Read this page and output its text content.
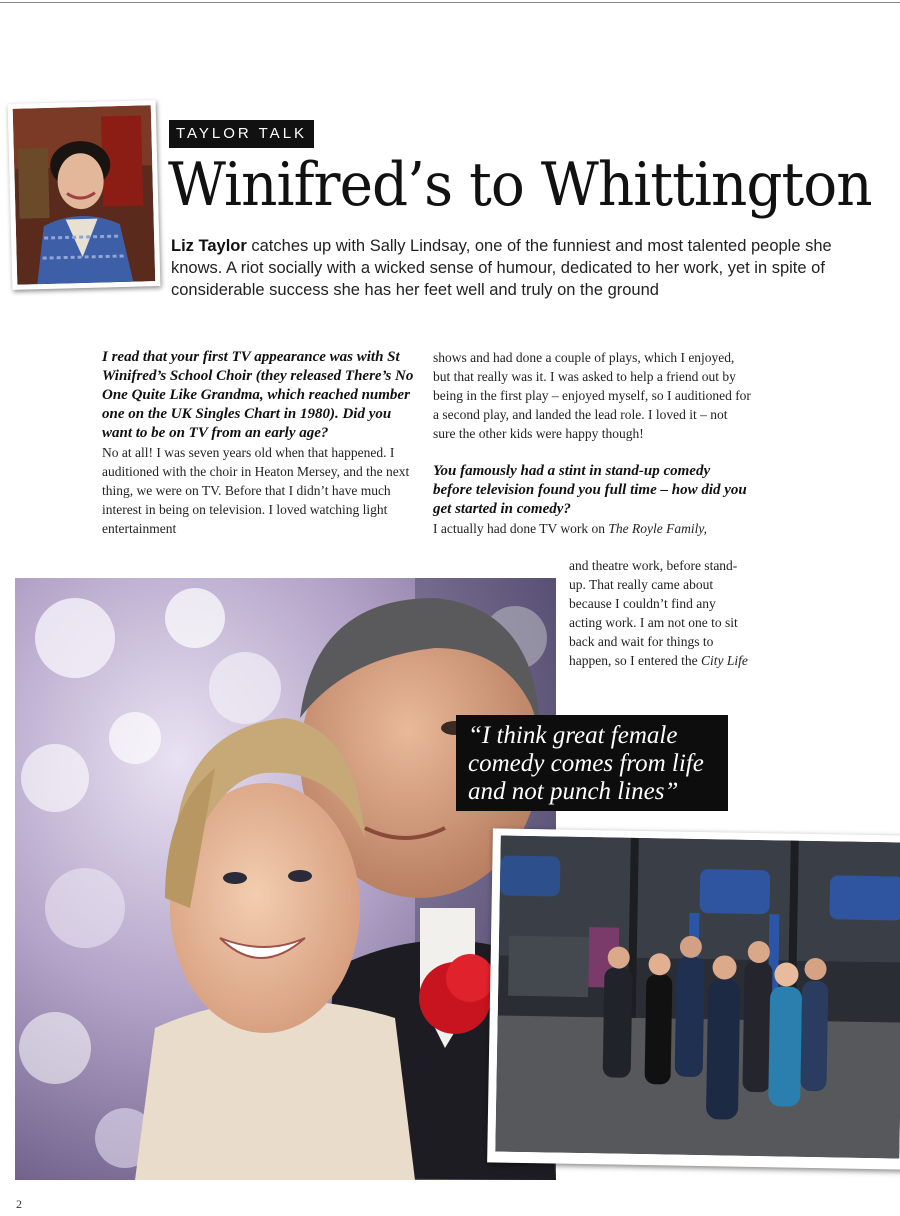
TAYLOR TALK
Winifred’s to Whittington
Liz Taylor catches up with Sally Lindsay, one of the funniest and most talented people she knows. A riot socially with a wicked sense of humour, dedicated to her work, yet in spite of considerable success she has her feet well and truly on the ground

I read that your first TV appearance was with St Winifred’s School Choir (they released There’s No One Quite Like Grandma, which reached number one on the UK Singles Chart in 1980). Did you want to be on TV from an early age?

No at all! I was seven years old when that happened. I auditioned with the choir in Heaton Mersey, and the next thing, we were on TV. Before that I didn’t have much interest in being on television. I loved watching light entertainment

shows and had done a couple of plays, which I enjoyed, but that really was it. I was asked to help a friend out by being in the first play – enjoyed myself, so I auditioned for a second play, and landed the lead role. I loved it – not sure the other kids were happy though!

You famously had a stint in stand-up comedy before television found you full time – how did you get started in comedy?

I actually had done TV work on The Royle Family,

and theatre work, before stand-up. That really came about because I couldn’t find any acting work. I am not one to sit back and wait for things to happen, so I entered the City Life

“I think great female comedy comes from life and not punch lines”
2
